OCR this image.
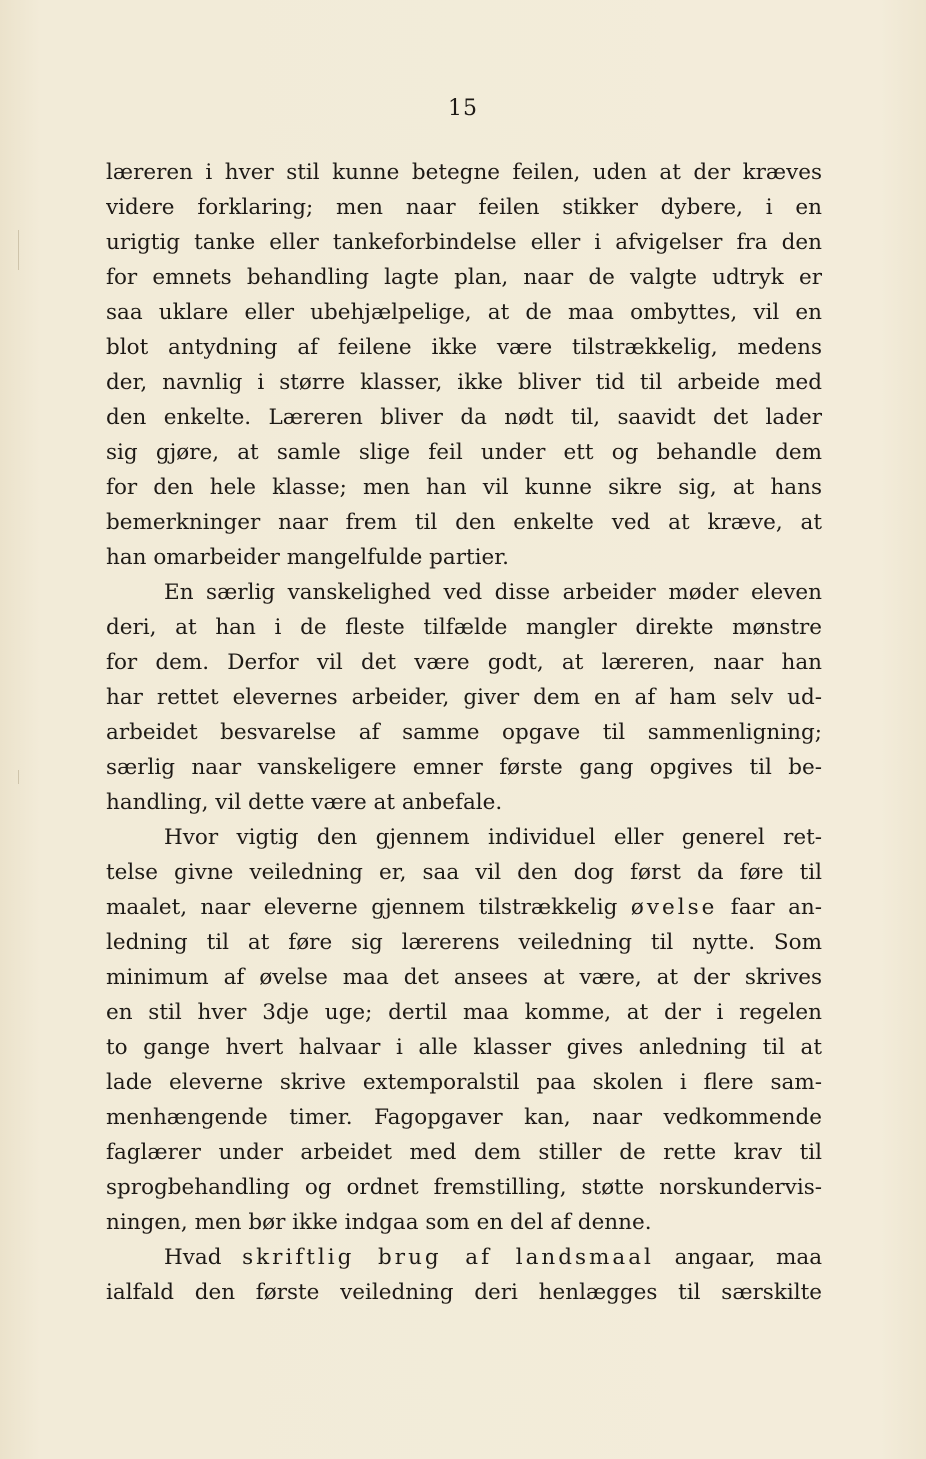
15
læreren i hver stil kunne betegne feilen, uden at der kræves
videre forklaring; men naar feilen stikker dybere, i en
urigtig tanke eller tankeforbindelse eller i afvigelser fra den
for emnets behandling lagte plan, naar de valgte udtryk er
saa uklare eller ubehjælpelige, at de maa ombyttes, vil en
blot antydning af feilene ikke være tilstrækkelig, medens
der, navnlig i større klasser, ikke bliver tid til arbeide med
den enkelte. Læreren bliver da nødt til, saavidt det lader
sig gjøre, at samle slige feil under ett og behandle dem
for den hele klasse; men han vil kunne sikre sig, at hans
bemerkninger naar frem til den enkelte ved at kræve, at
han omarbeider mangelfulde partier.
En særlig vanskelighed ved disse arbeider møder eleven
deri, at han i de fleste tilfælde mangler direkte mønstre
for dem. Derfor vil det være godt, at læreren, naar han
har rettet elevernes arbeider, giver dem en af ham selv ud-
arbeidet besvarelse af samme opgave til sammenligning;
særlig naar vanskeligere emner første gang opgives til be-
handling, vil dette være at anbefale.
Hvor vigtig den gjennem individuel eller generel ret-
telse givne veiledning er, saa vil den dog først da føre til
maalet, naar eleverne gjennem tilstrækkelig øvelse faar an-
ledning til at føre sig lærerens veiledning til nytte. Som
minimum af øvelse maa det ansees at være, at der skrives
en stil hver 3dje uge; dertil maa komme, at der i regelen
to gange hvert halvaar i alle klasser gives anledning til at
lade eleverne skrive extemporalstil paa skolen i flere sam-
menhængende timer. Fagopgaver kan, naar vedkommende
faglærer under arbeidet med dem stiller de rette krav til
sprogbehandling og ordnet fremstilling, støtte norskundervis-
ningen, men bør ikke indgaa som en del af denne.
Hvad skriftlig brug af landsmaal angaar, maa
ialfald den første veiledning deri henlægges til særskilte
